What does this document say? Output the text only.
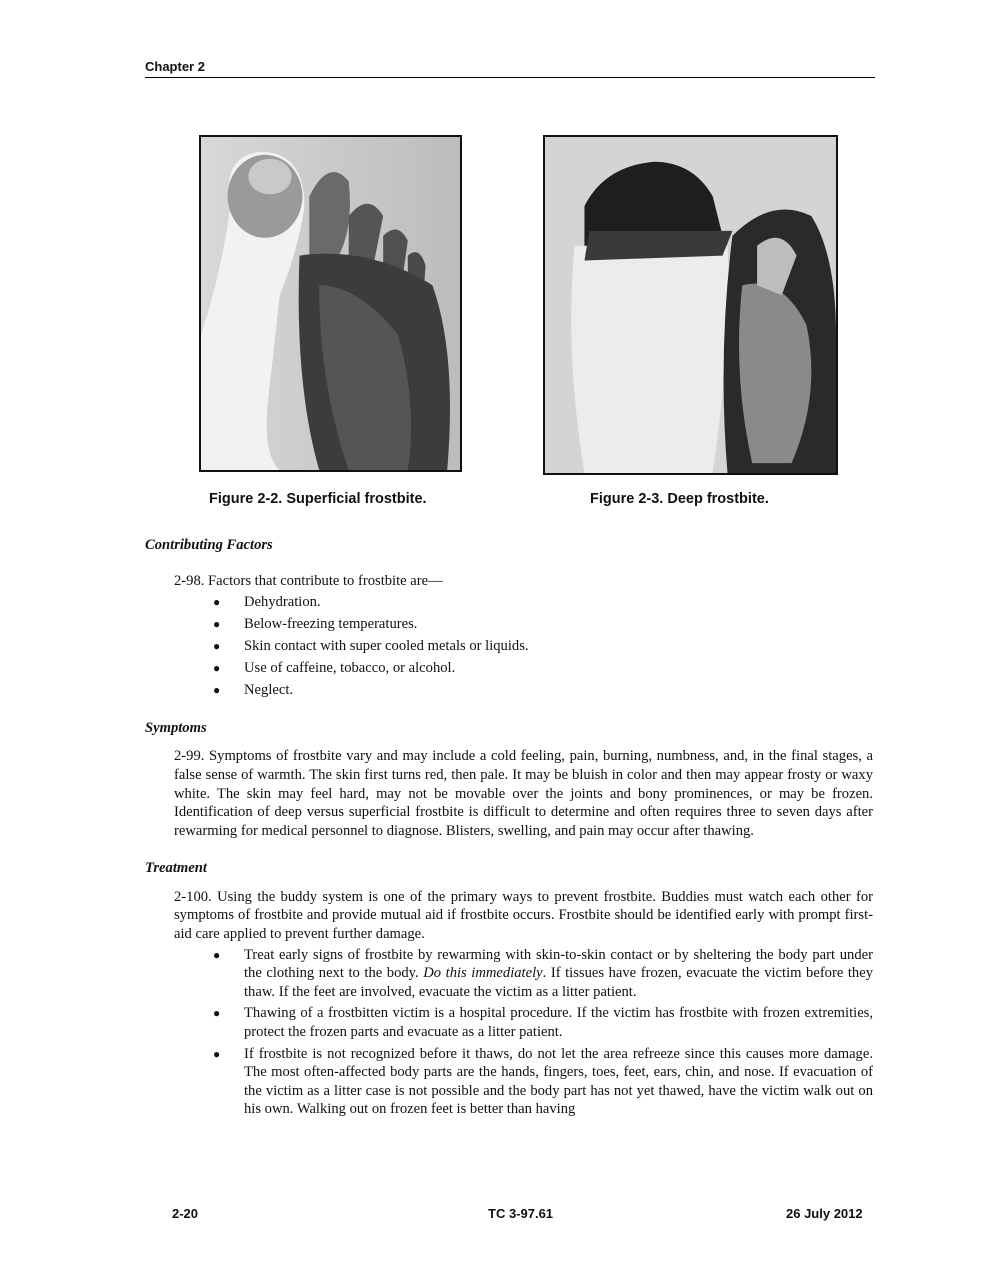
Chapter 2
Figure 2-2. Superficial frostbite.	Figure 2-3. Deep frostbite.

Contributing Factors

2-98. Factors that contribute to frostbite are—

● Dehydration.
● Below-freezing temperatures.
● Skin contact with super cooled metals or liquids.
● Use of caffeine, tobacco, or alcohol.
● Neglect.

Symptoms

2-99. Symptoms of frostbite vary and may include a cold feeling, pain, burning, numbness, and, in the final stages, a false sense of warmth. The skin first turns red, then pale. It may be bluish in color and then may appear frosty or waxy white. The skin may feel hard, may not be movable over the joints and bony prominences, or may be frozen. Identification of deep versus superficial frostbite is difficult to determine and often requires three to seven days after rewarming for medical personnel to diagnose. Blisters, swelling, and pain may occur after thawing.

Treatment

2-100. Using the buddy system is one of the primary ways to prevent frostbite. Buddies must watch each other for symptoms of frostbite and provide mutual aid if frostbite occurs. Frostbite should be identified early with prompt first-aid care applied to prevent further damage.

● Treat early signs of frostbite by rewarming with skin-to-skin contact or by sheltering the body part under the clothing next to the body. Do this immediately. If tissues have frozen, evacuate the victim before they thaw. If the feet are involved, evacuate the victim as a litter patient.
● Thawing of a frostbitten victim is a hospital procedure. If the victim has frostbite with frozen extremities, protect the frozen parts and evacuate as a litter patient.
● If frostbite is not recognized before it thaws, do not let the area refreeze since this causes more damage. The most often-affected body parts are the hands, fingers, toes, feet, ears, chin, and nose. If evacuation of the victim as a litter case is not possible and the body part has not yet thawed, have the victim walk out on his own. Walking out on frozen feet is better than having
2-20	TC 3-97.61	26 July 2012
